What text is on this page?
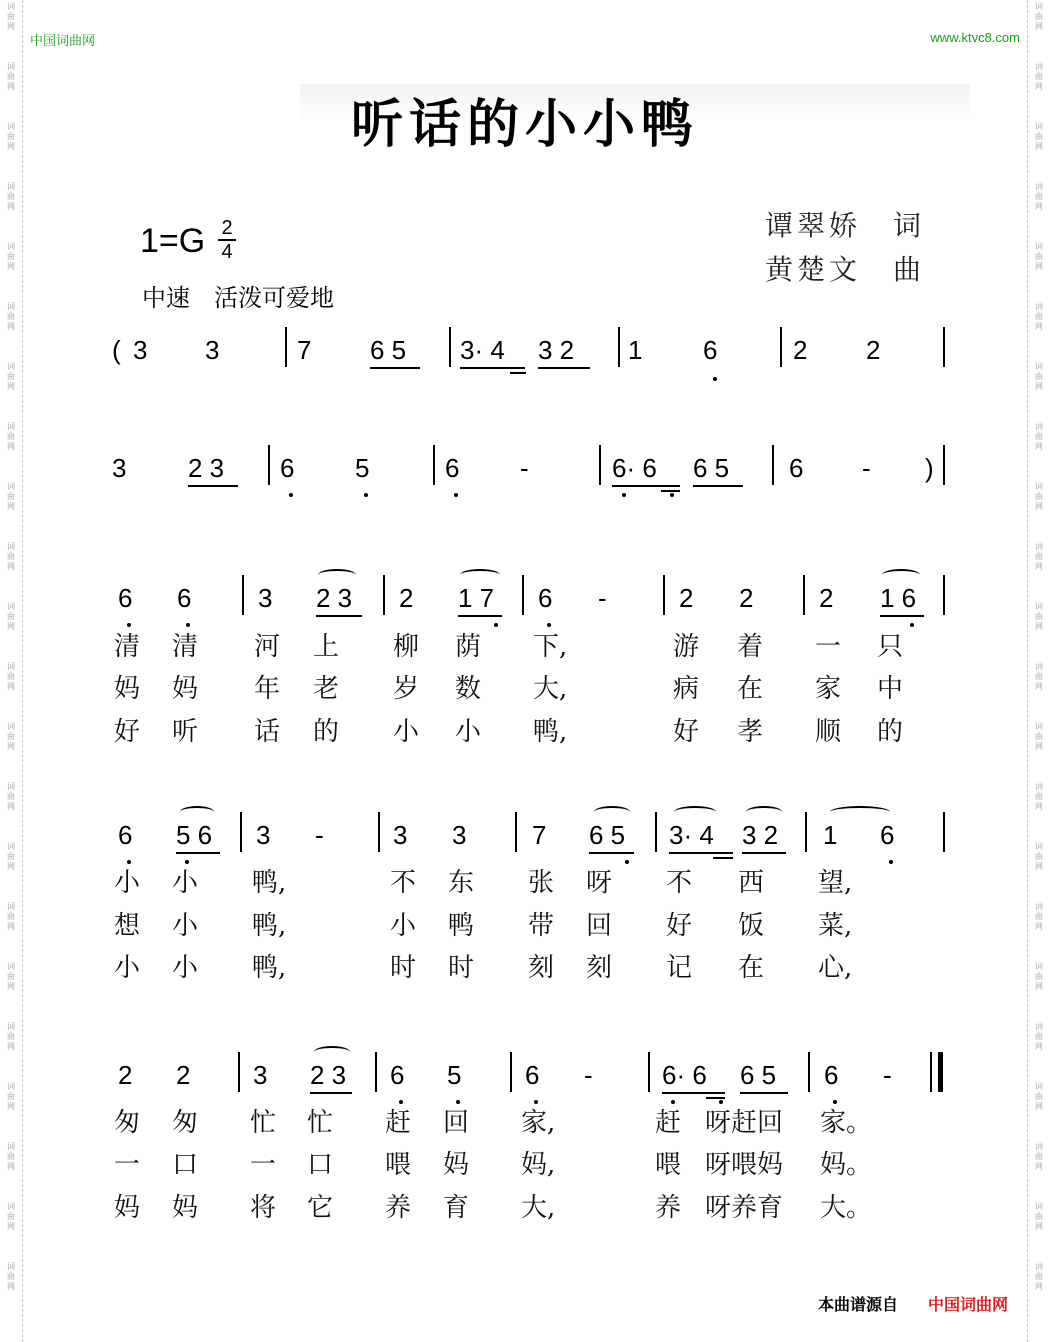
词
曲
网
词
曲
网
词
曲
网
词
曲
网
词
曲
网
词
曲
网
词
曲
网
词
曲
网
词
曲
网
词
曲
网
词
曲
网
词
曲
网
词
曲
网
词
曲
网
词
曲
网
词
曲
网
词
曲
网
词
曲
网
词
曲
网
词
曲
网
词
曲
网
词
曲
网
词
曲
网
词
曲
网
词
曲
网
词
曲
网
词
曲
网
词
曲
网
词
曲
网
词
曲
网
词
曲
网
词
曲
网
词
曲
网
词
曲
网
词
曲
网
词
曲
网
词
曲
网
词
曲
网
词
曲
网
词
曲
网
词
曲
网
词
曲
网
词
曲
网
词
曲
网
中国词曲网	www.ktvc8.com
听话的小小鸭
1=G 2
4
中速　活泼可爱地
谭翠娇　词
黄楚文　曲
( 3 3	7 6 5 3· 4 3 2 1 6	2 2
3 2 3 6 5	6 -	6· 6 6 5 6 - )
6 6	3 2 3 2 1 7 6 -	2 2	2 1 6
6 5 6 3 -	3 3	7 6 5 3· 4 3 2 1 6
2 2 3 2 3 6 5 6 -	6· 6 6 5 6 -
清 清 河 上 柳 荫 下,	游 着 一 只
妈 妈 年 老 岁 数 大,	病 在 家 中
好 听 话 的 小 小 鸭,	好 孝 顺 的
小 小 鸭,	不 东 张 呀 不 西 望,
想 小 鸭,	小 鸭 带 回 好 饭 菜,
小 小 鸭,	时 时 刻 刻 记 在 心,
匆 匆 忙 忙 赶 回 家,	赶 呀赶回 家。
一 口 一 口 喂 妈 妈,	喂 呀喂妈 妈。
妈 妈 将 它 养 育 大,	养 呀养育 大。
本曲谱源自 中国词曲网
